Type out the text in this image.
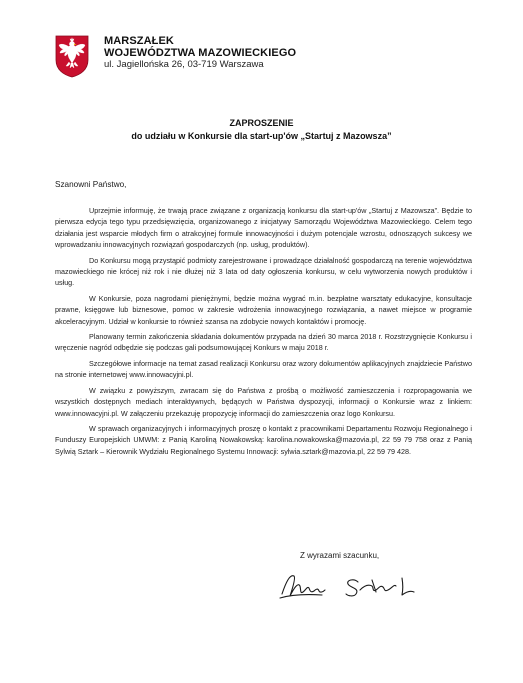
MARSZAŁEK
WOJEWÓDZTWA MAZOWIECKIEGO
ul. Jagiellońska 26, 03-719 Warszawa
ZAPROSZENIE
do udziału w Konkursie dla start-up'ów „Startuj z Mazowsza”
Szanowni Państwo,

Uprzejmie informuję, że trwają prace związane z organizacją konkursu dla start-up'ów „Startuj z Mazowsza”. Będzie to pierwsza edycja tego typu przedsięwzięcia, organizowanego z inicjatywy Samorządu Województwa Mazowieckiego. Celem tego działania jest wsparcie młodych firm o atrakcyjnej formule innowacyjności i dużym potencjale wzrostu, odnoszących sukcesy we wprowadzaniu innowacyjnych rozwiązań gospodarczych (np. usług, produktów).

Do Konkursu mogą przystąpić podmioty zarejestrowane i prowadzące działalność gospodarczą na terenie województwa mazowieckiego nie krócej niż rok i nie dłużej niż 3 lata od daty ogłoszenia konkursu, w celu wytworzenia nowych produktów i usług.

W Konkursie, poza nagrodami pieniężnymi, będzie można wygrać m.in. bezpłatne warsztaty edukacyjne, konsultacje prawne, księgowe lub biznesowe, pomoc w zakresie wdrożenia innowacyjnego rozwiązania, a nawet miejsce w programie akceleracyjnym. Udział w konkursie to również szansa na zdobycie nowych kontaktów i promocję.

Planowany termin zakończenia składania dokumentów przypada na dzień 30 marca 2018 r. Rozstrzygnięcie Konkursu i wręczenie nagród odbędzie się podczas gali podsumowującej Konkurs w maju 2018 r.

Szczegółowe informacje na temat zasad realizacji Konkursu oraz wzory dokumentów aplikacyjnych znajdziecie Państwo na stronie internetowej www.innowacyjni.pl.

W związku z powyższym, zwracam się do Państwa z prośbą o możliwość zamieszczenia i rozpropagowania we wszystkich dostępnych mediach interaktywnych, będących w Państwa dyspozycji, informacji o Konkursie wraz z linkiem: www.innowacyjni.pl. W załączeniu przekazuję propozycję informacji do zamieszczenia oraz logo Konkursu.

W sprawach organizacyjnych i informacyjnych proszę o kontakt z pracownikami Departamentu Rozwoju Regionalnego i Funduszy Europejskich UMWM: z Panią Karoliną Nowakowską: karolina.nowakowska@mazovia.pl, 22 59 79 758 oraz z Panią Sylwią Sztark – Kierownik Wydziału Regionalnego Systemu Innowacji: sylwia.sztark@mazovia.pl, 22 59 79 428.

Z wyrazami szacunku,
